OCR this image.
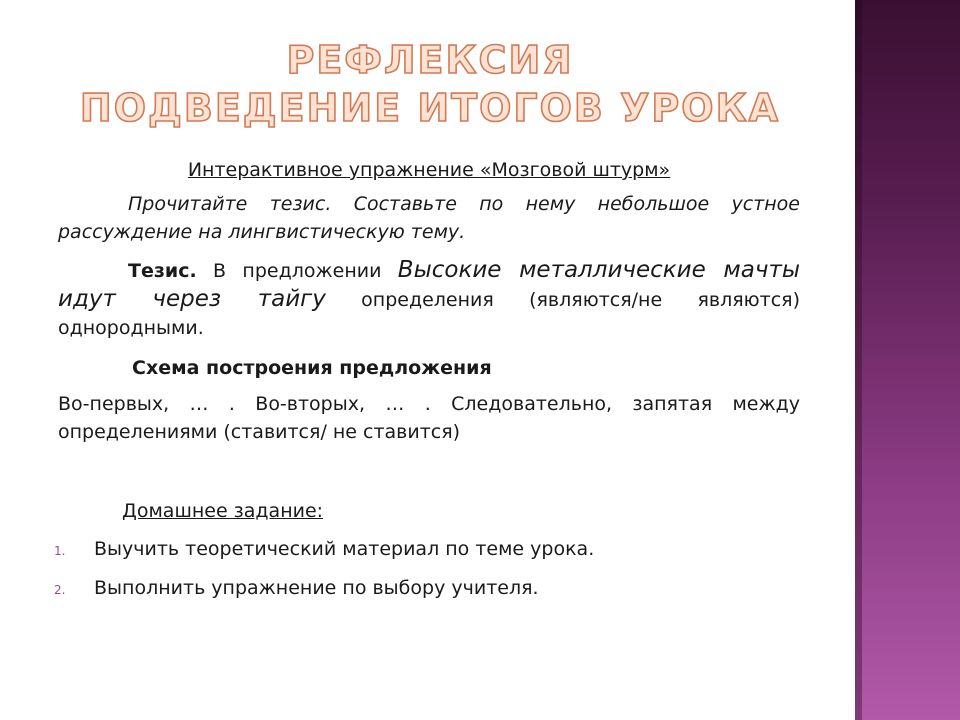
РЕФЛЕКСИЯ
ПОДВЕДЕНИЕ ИТОГОВ УРОКА

Интерактивное упражнение «Мозговой штурм»

Прочитайте тезис. Составьте по нему небольшое устное рассуждение на лингвистическую тему.

Тезис. В предложении Высокие металлические мачты идут через тайгу определения (являются/не являются) однородными.

Схема построения предложения

Во-первых, … . Во-вторых, … . Следовательно, запятая между определениями (ставится/ не ставится)

Домашнее задание:

1.	Выучить теоретический материал по теме урока.
2.	Выполнить упражнение по выбору учителя.
